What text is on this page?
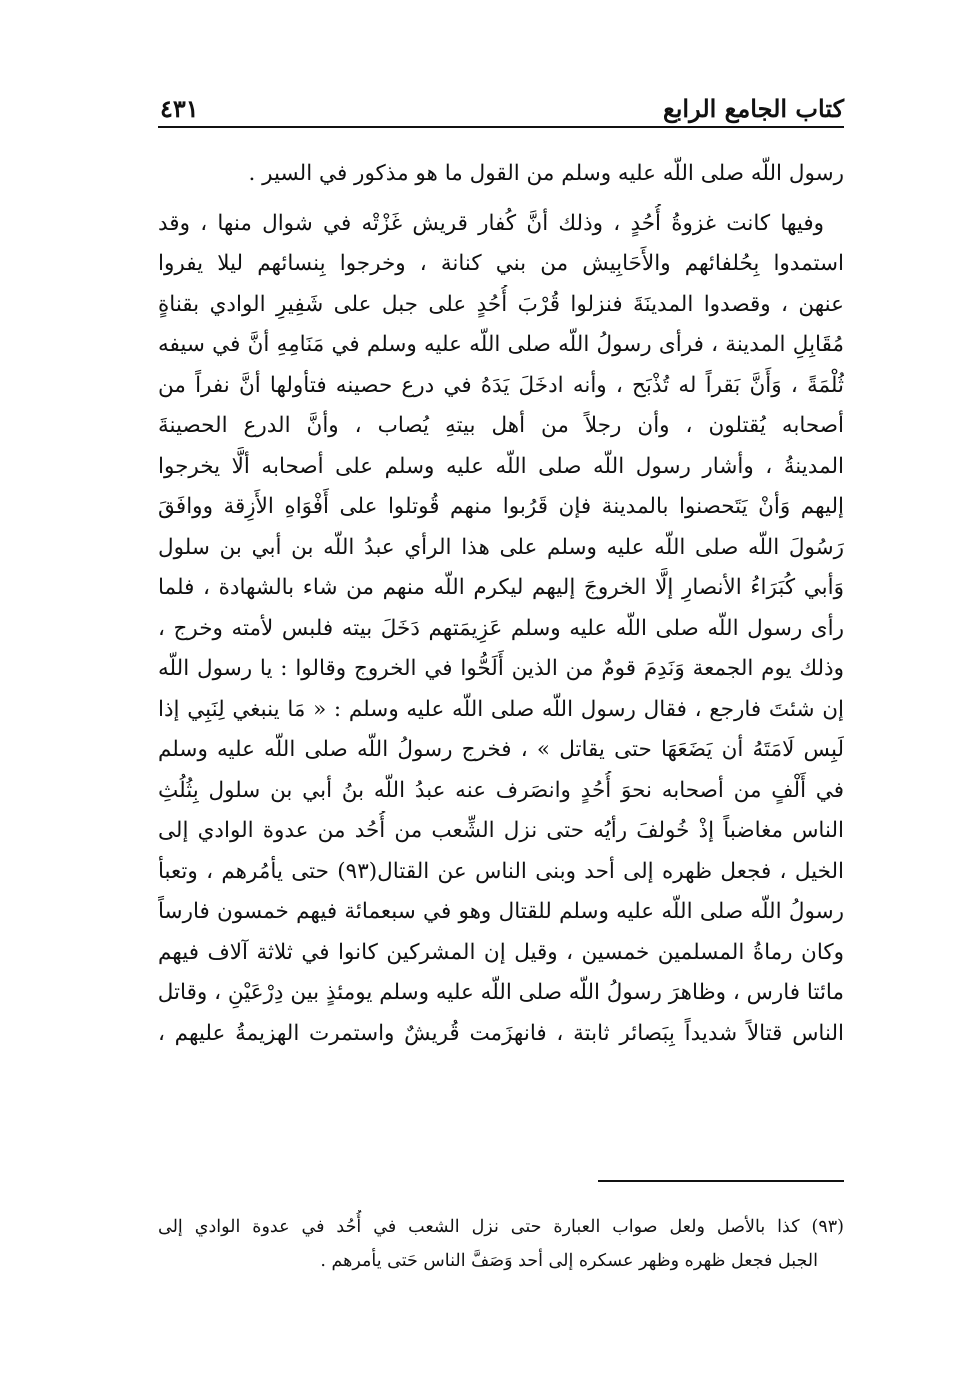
كتاب الجامع الرابع
٤٣١
رسول اللّه صلى اللّه عليه وسلم من القول ما هو مذكور في السير .
وفيها كانت غزوةُ أُحُدٍ ، وذلك أنَّ كُفار قريش غَزْتْه في شوال منها ، وقد
استمدوا بِحُلفائهم والأَحَابِيش من بني كنانة ، وخرجوا بِنسائهم ليلا يفروا
عنهن ، وقصدوا المدينَةَ فنزلوا قُرْبَ أُحُدٍ على جبل على شَفِيرِ الوادي بقناةٍ
مُقَابِلِ المدينة ، فرأى رسولُ اللّه صلى اللّه عليه وسلم في مَنَامِهِ أنَّ في سيفه
ثُلْمَةً ، وَأَنَّ بَقراً له تُذْبَح ، وأنه ادخَلَ يَدَهُ في درع حصينه فتأولها أنَّ نفراً من
أصحابه يُقتلون ، وأن رجلاً من أهل بيتهِ يُصاب ، وأنَّ الدرع الحصينةَ
المدينةُ ، وأشار رسول اللّه صلى اللّه عليه وسلم على أصحابه ألَّا يخرجوا
إليهم وَأنْ يَتَحصنوا بالمدينة فإن قَرُبوا منهم قُوتلوا على أَفْوَاهِ الأَزِقة ووافَقَ
رَسُولَ اللّه صلى اللّه عليه وسلم على هذا الرأي عبدُ اللّه بن أبي بن سلول
وَأبي كُبَرَاءُ الأنصارِ إلَّا الخروجَ إليهم ليكرم اللّه منهم من شاء بالشهادة ، فلما
رأى رسول اللّه صلى اللّه عليه وسلم عَزِيمَتهم دَخَلَ بيته فلبس لأمته وخرج ،
وذلك يوم الجمعة وَنَدِمَ قومٌ من الذين أَلَحُّوا في الخروج وقالوا : يا رسول اللّه
إن شئتَ فارجع ، فقال رسول اللّه صلى اللّه عليه وسلم : « مَا ينبغي لِنَبِي إذا
لَبِس لَامَتَهُ أن يَضَعَهَا حتى يقاتل » ، فخرج رسولُ اللّه صلى اللّه عليه وسلم
في أَلْفٍ من أصحابه نحوَ أُحُدٍ وانصَرف عنه عبدُ اللّه بنُ أبي بن سلول بِثُلُثِ
الناس مغاضباً إذْ خُولفَ رأيُه حتى نزل الشِّعب من أُحُد من عدوة الوادي إلى
الخيل ، فجعل ظهره إلى أحد وبنى الناس عن القتال(٩٣) حتى يأمُرهم ، وتعبأ
رسولُ اللّه صلى اللّه عليه وسلم للقتال وهو في سبعمائة فيهم خمسون فارساً
وكان رماةُ المسلمين خمسين ، وقيل إن المشركين كانوا في ثلاثة آلاف فيهم
مائتا فارس ، وظاهرَ رسولُ اللّه صلى اللّه عليه وسلم يومئذٍ بين دِرْعَيْنِ ، وقاتل
الناس قتالاً شديداً بِبَصائر ثابتة ، فانهزَمت قُريشٌ واستمرت الهزيمةُ عليهم ،
(٩٣) كذا بالأصل ولعل صواب العبارة حتى نزل الشعب في أُحُد في عدوة الوادي إلى
الجبل فجعل ظهره وظهر عسكره إلى أحد وَصَفَّ الناس حَتى يأمرهم .
